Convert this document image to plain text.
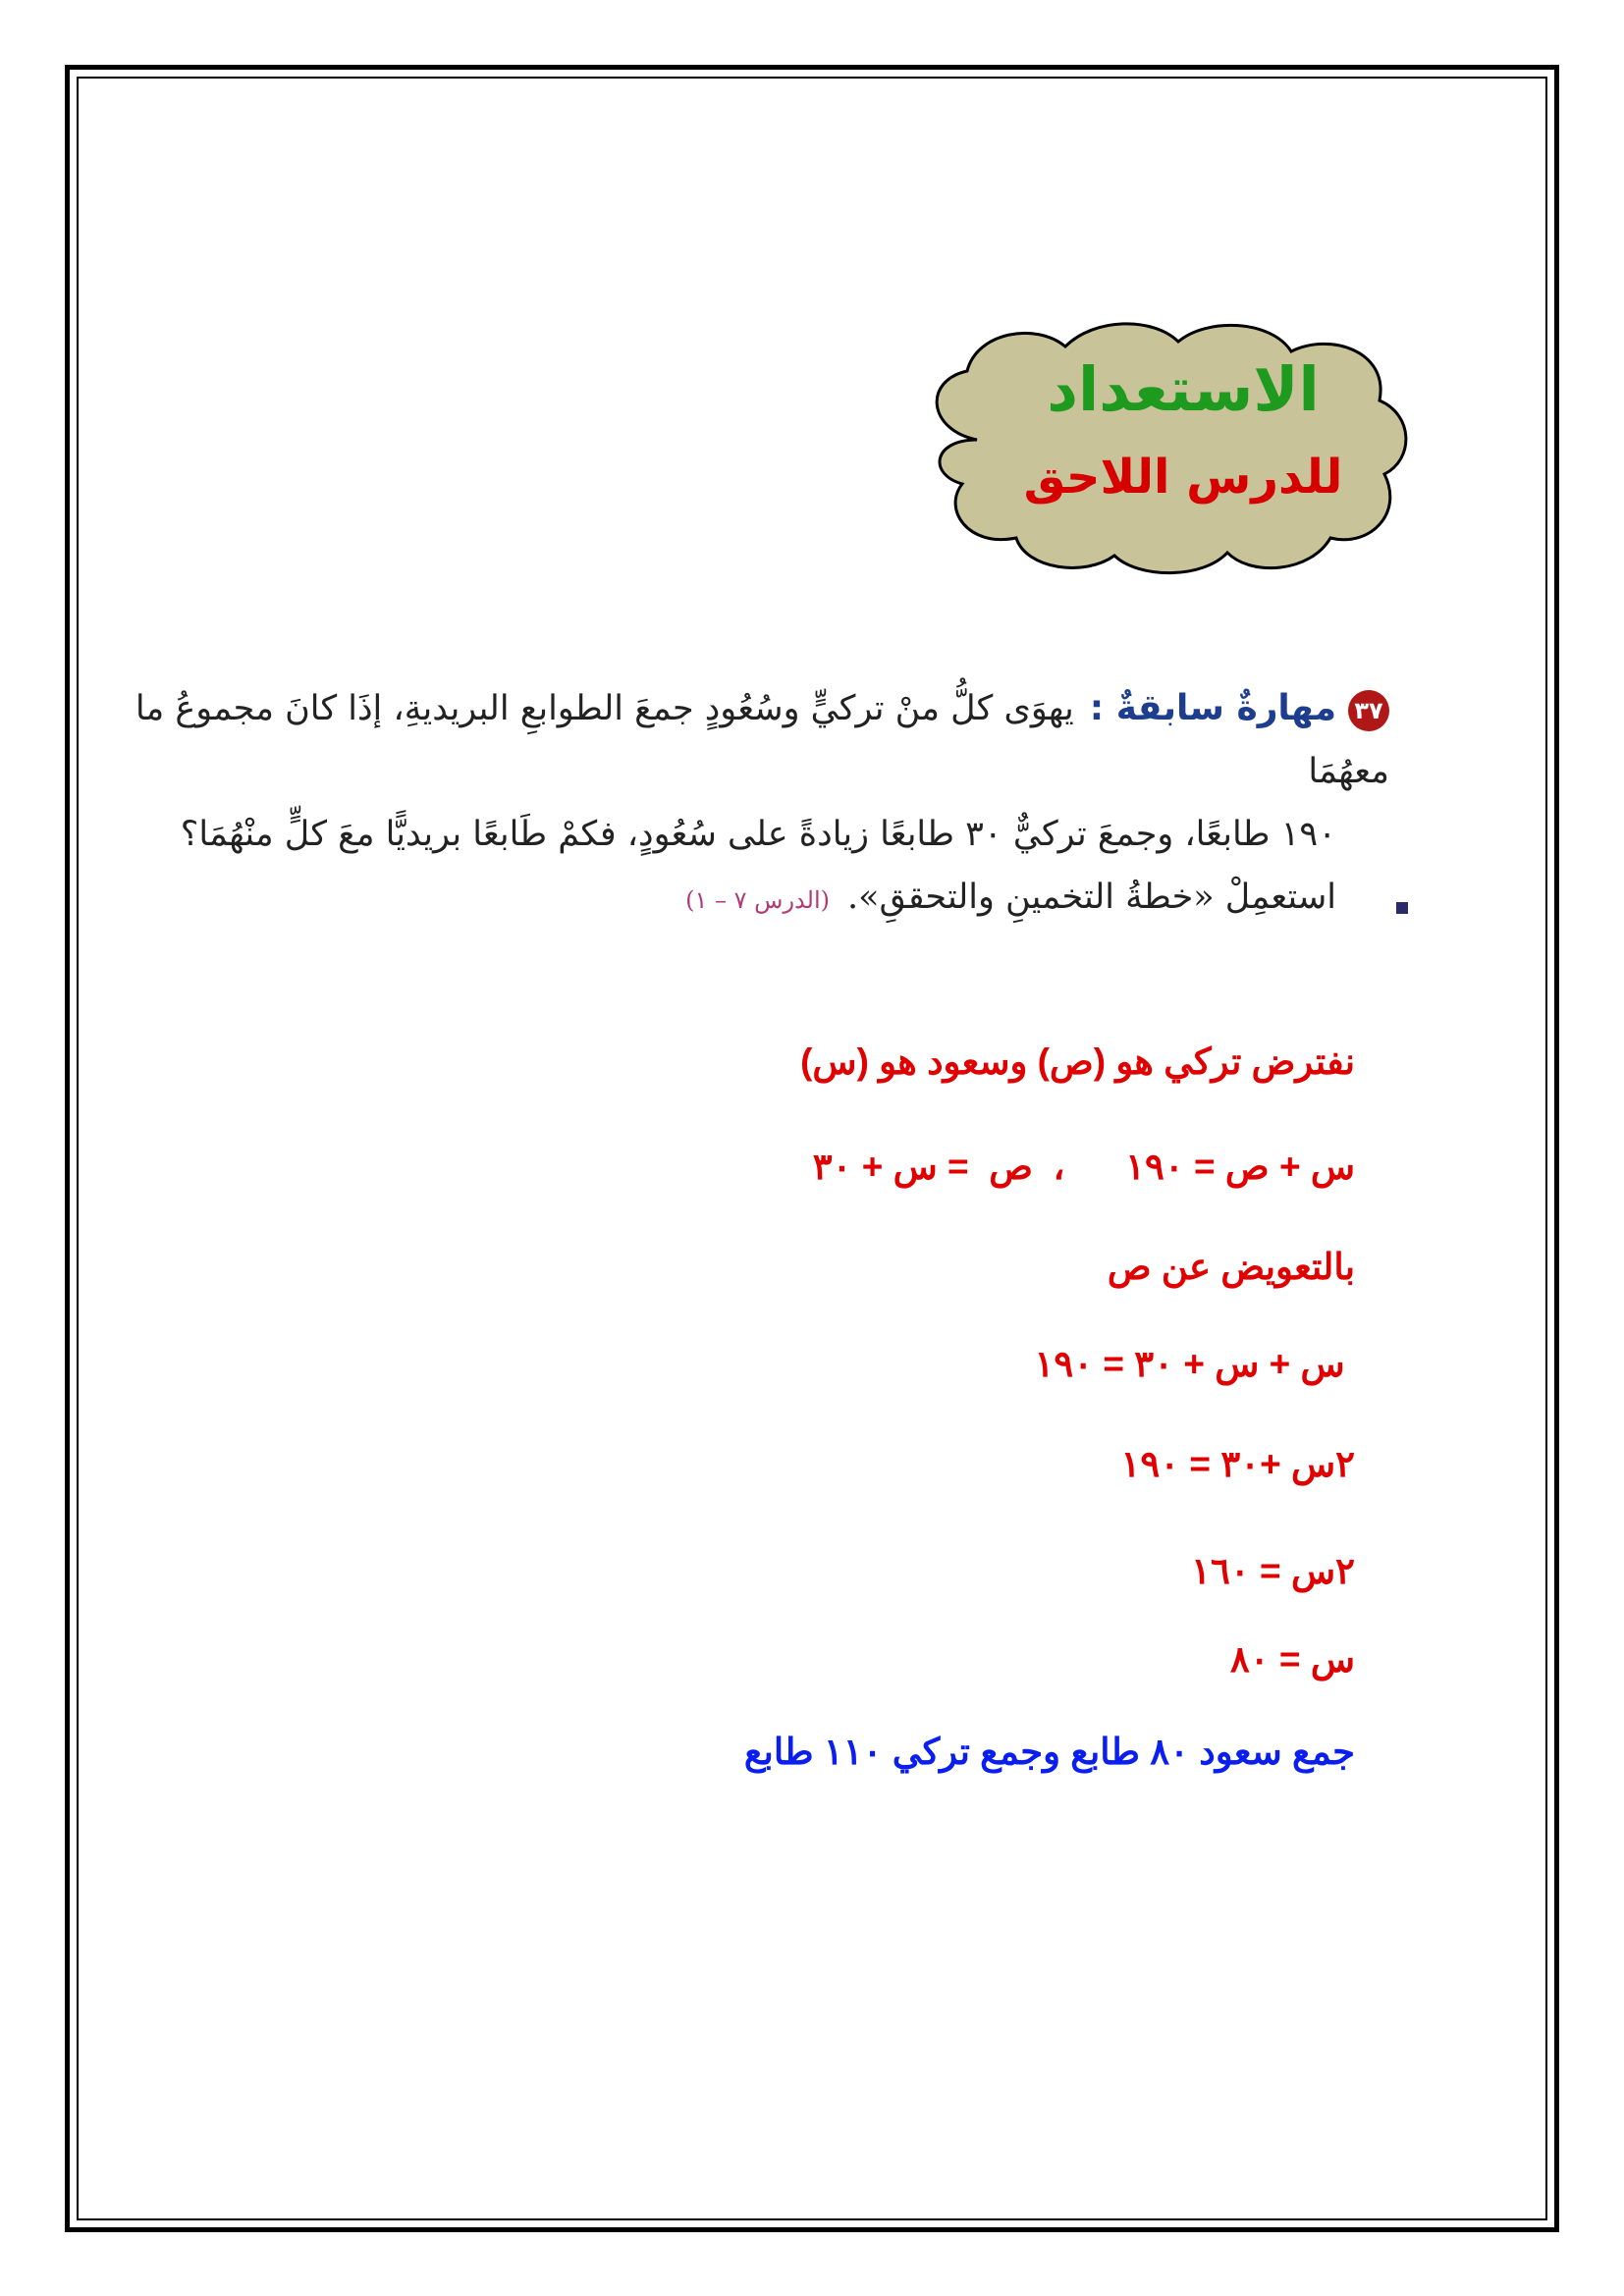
الاستعداد
للدرس اللاحق
٣٧مهارةٌ سابقةٌ :يهوَى كلُّ منْ تركيٍّ وسُعُودٍ جمعَ الطوابعِ البريديةِ، إذَا كانَ مجموعُ ما معهُمَا
١٩٠ طابعًا، وجمعَ تركيٌّ ٣٠ طابعًا زيادةً على سُعُودٍ، فكمْ طَابعًا بريديًّا معَ كلٍّ منْهُمَا؟
استعمِلْ «خطةُ التخمينِ والتحققِ».(الدرس ٧ – ١)
نفترض تركي هو (ص) وسعود هو (س)
س + ص = ١٩٠      ،  ص  = س + ٣٠
بالتعويض عن ص
س + س + ٣٠ = ١٩٠
٢س +٣٠ = ١٩٠
٢س = ١٦٠
س = ٨٠
جمع سعود ٨٠ طابع وجمع تركي ١١٠ طابع
